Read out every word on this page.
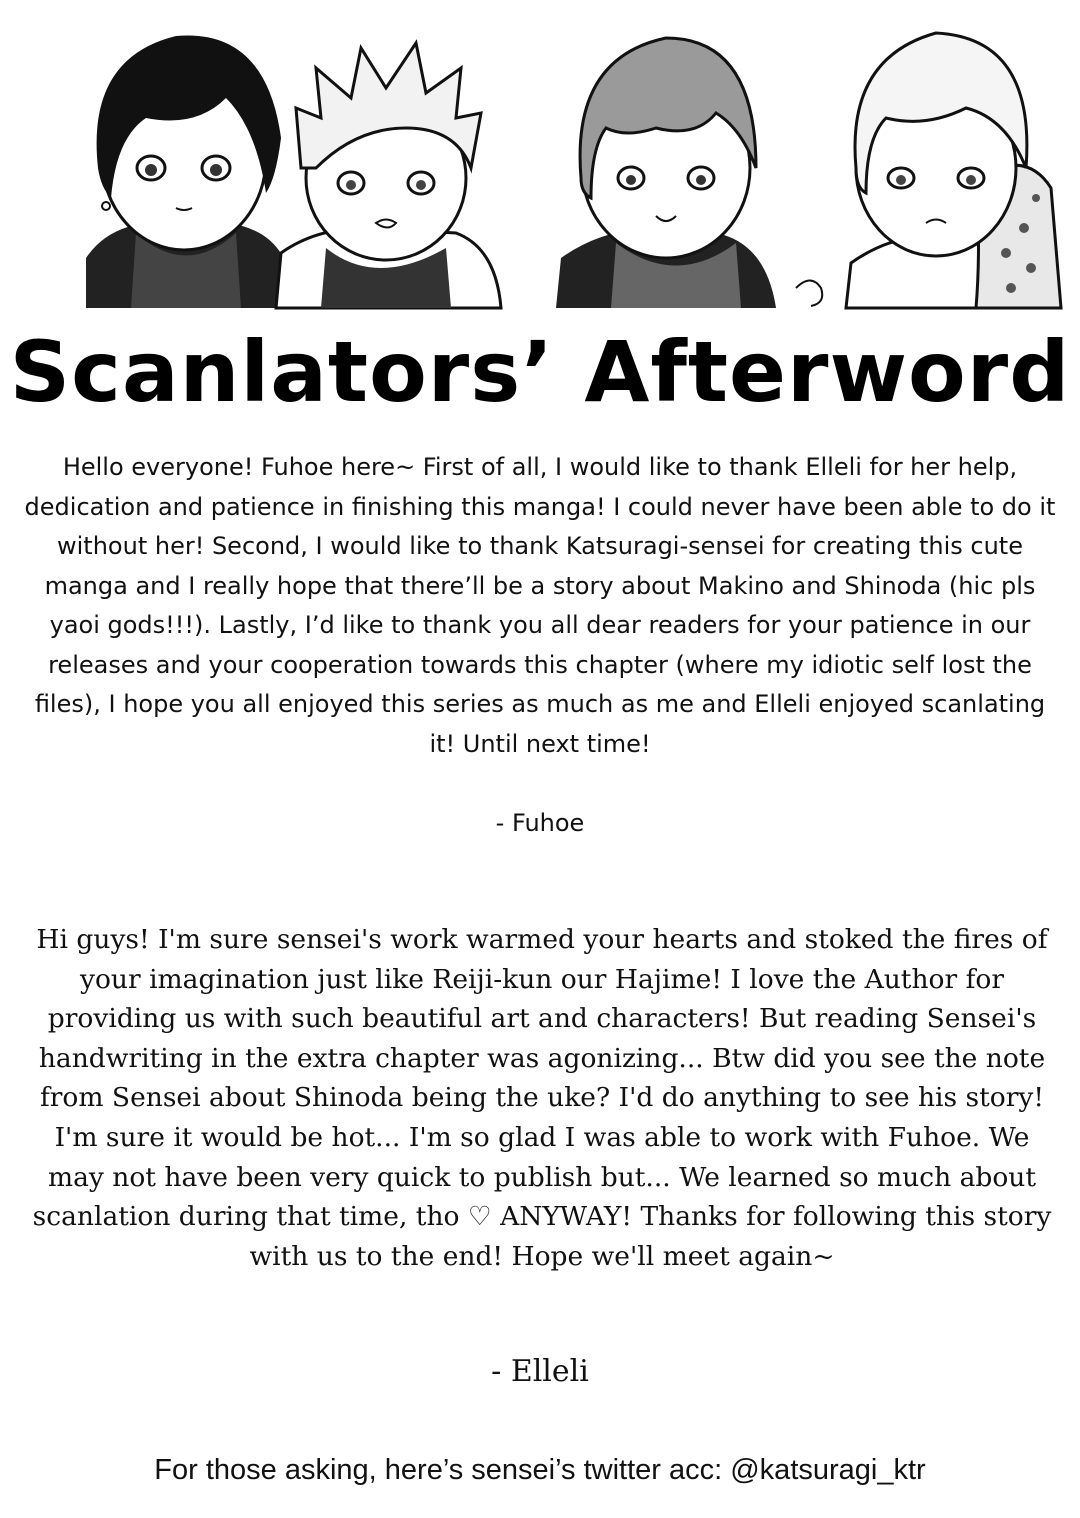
Scanlators’ Afterword
Hello everyone! Fuhoe here~ First of all, I would like to thank Elleli for her help, dedication and patience in finishing this manga! I could never have been able to do it without her! Second, I would like to thank Katsuragi-sensei for creating this cute manga and I really hope that there’ll be a story about Makino and Shinoda (hic pls yaoi gods!!!). Lastly, I’d like to thank you all dear readers for your patience in our releases and your cooperation towards this chapter (where my idiotic self lost the files), I hope you all enjoyed this series as much as me and Elleli enjoyed scanlating it! Until next time!
- Fuhoe
Hi guys! I'm sure sensei's work warmed your hearts and stoked the fires of your imagination just like Reiji-kun our Hajime! I love the Author for providing us with such beautiful art and characters! But reading Sensei's handwriting in the extra chapter was agonizing... Btw did you see the note from Sensei about Shinoda being the uke? I'd do anything to see his story! I'm sure it would be hot... I'm so glad I was able to work with Fuhoe. We may not have been very quick to publish but... We learned so much about scanlation during that time, tho ♡ ANYWAY! Thanks for following this story with us to the end! Hope we'll meet again~
- Elleli
For those asking, here’s sensei’s twitter acc: @katsuragi_ktr
